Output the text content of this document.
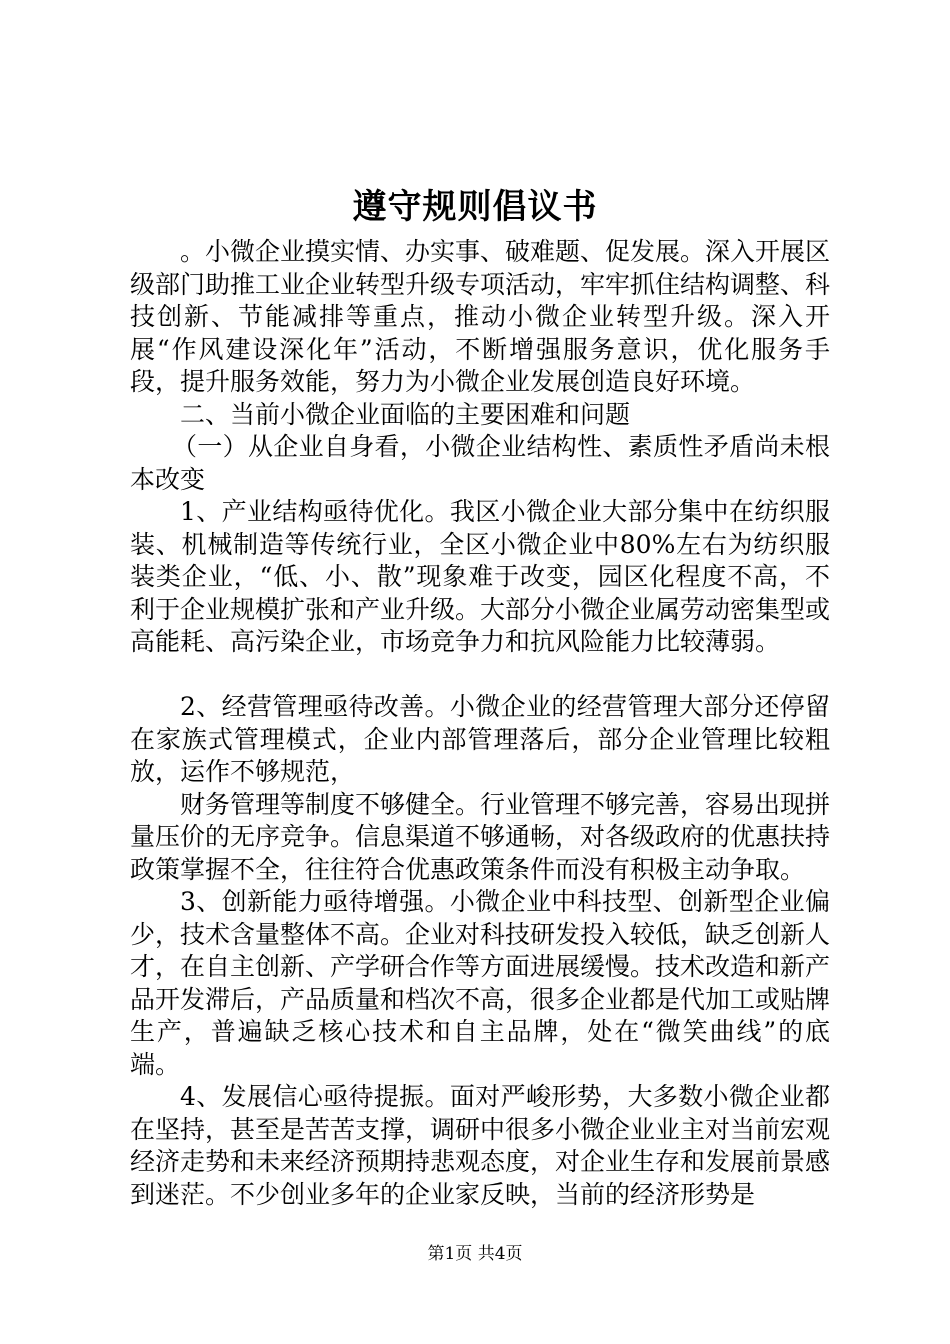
遵守规则倡议书

。小微企业摸实情、办实事、破难题、促发展。深入开展区级部门助推工业企业转型升级专项活动，牢牢抓住结构调整、科技创新、节能减排等重点，推动小微企业转型升级。深入开展“作风建设深化年”活动，不断增强服务意识，优化服务手段，提升服务效能，努力为小微企业发展创造良好环境。

二、当前小微企业面临的主要困难和问题

（一）从企业自身看，小微企业结构性、素质性矛盾尚未根本改变

1、产业结构亟待优化。我区小微企业大部分集中在纺织服装、机械制造等传统行业，全区小微企业中80%左右为纺织服装类企业，“低、小、散”现象难于改变，园区化程度不高，不利于企业规模扩张和产业升级。大部分小微企业属劳动密集型或高能耗、高污染企业，市场竞争力和抗风险能力比较薄弱。

2、经营管理亟待改善。小微企业的经营管理大部分还停留在家族式管理模式，企业内部管理落后，部分企业管理比较粗放，运作不够规范，

财务管理等制度不够健全。行业管理不够完善，容易出现拼量压价的无序竞争。信息渠道不够通畅，对各级政府的优惠扶持政策掌握不全，往往符合优惠政策条件而没有积极主动争取。

3、创新能力亟待增强。小微企业中科技型、创新型企业偏少，技术含量整体不高。企业对科技研发投入较低，缺乏创新人才，在自主创新、产学研合作等方面进展缓慢。技术改造和新产品开发滞后，产品质量和档次不高，很多企业都是代加工或贴牌生产，普遍缺乏核心技术和自主品牌，处在“微笑曲线”的底端。

4、发展信心亟待提振。面对严峻形势，大多数小微企业都在坚持，甚至是苦苦支撑，调研中很多小微企业业主对当前宏观经济走势和未来经济预期持悲观态度，对企业生存和发展前景感到迷茫。不少创业多年的企业家反映，当前的经济形势是

第1页 共4页
